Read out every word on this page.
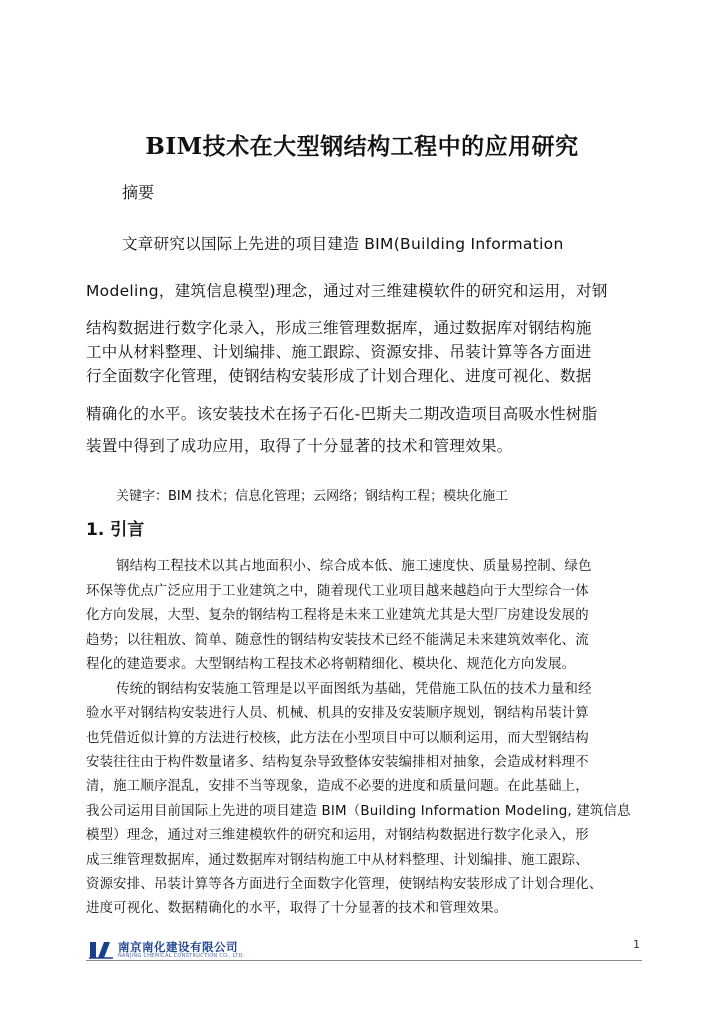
BIM技术在大型钢结构工程中的应用研究
摘要
文章研究以国际上先进的项目建造 BIM(Building Information
Modeling，建筑信息模型)理念，通过对三维建模软件的研究和运用，对钢
结构数据进行数字化录入，形成三维管理数据库，通过数据库对钢结构施
工中从材料整理、计划编排、施工跟踪、资源安排、吊装计算等各方面进
行全面数字化管理，使钢结构安装形成了计划合理化、进度可视化、数据
精确化的水平。该安装技术在扬子石化-巴斯夫二期改造项目高吸水性树脂
装置中得到了成功应用，取得了十分显著的技术和管理效果。
关键字：BIM 技术；信息化管理；云网络；钢结构工程；模块化施工
1. 引言
钢结构工程技术以其占地面积小、综合成本低、施工速度快、质量易控制、绿色
环保等优点广泛应用于工业建筑之中，随着现代工业项目越来越趋向于大型综合一体
化方向发展，大型、复杂的钢结构工程将是未来工业建筑尤其是大型厂房建设发展的
趋势；以往粗放、简单、随意性的钢结构安装技术已经不能满足未来建筑效率化、流
程化的建造要求。大型钢结构工程技术必将朝精细化、模块化、规范化方向发展。
传统的钢结构安装施工管理是以平面图纸为基础，凭借施工队伍的技术力量和经
验水平对钢结构安装进行人员、机械、机具的安排及安装顺序规划，钢结构吊装计算
也凭借近似计算的方法进行校核，此方法在小型项目中可以顺利运用，而大型钢结构
安装往往由于构件数量诸多、结构复杂导致整体安装编排相对抽象，会造成材料理不
清，施工顺序混乱，安排不当等现象，造成不必要的进度和质量问题。在此基础上，
我公司运用目前国际上先进的项目建造 BIM（Building Information Modeling, 建筑信息
模型）理念，通过对三维建模软件的研究和运用，对钢结构数据进行数字化录入，形
成三维管理数据库，通过数据库对钢结构施工中从材料整理、计划编排、施工跟踪、
资源安排、吊装计算等各方面进行全面数字化管理，使钢结构安装形成了计划合理化、
进度可视化、数据精确化的水平，取得了十分显著的技术和管理效果。
南京南化建设有限公司
NANJING CHEMICAL CONSTRUCTION CO., LTD.
1
